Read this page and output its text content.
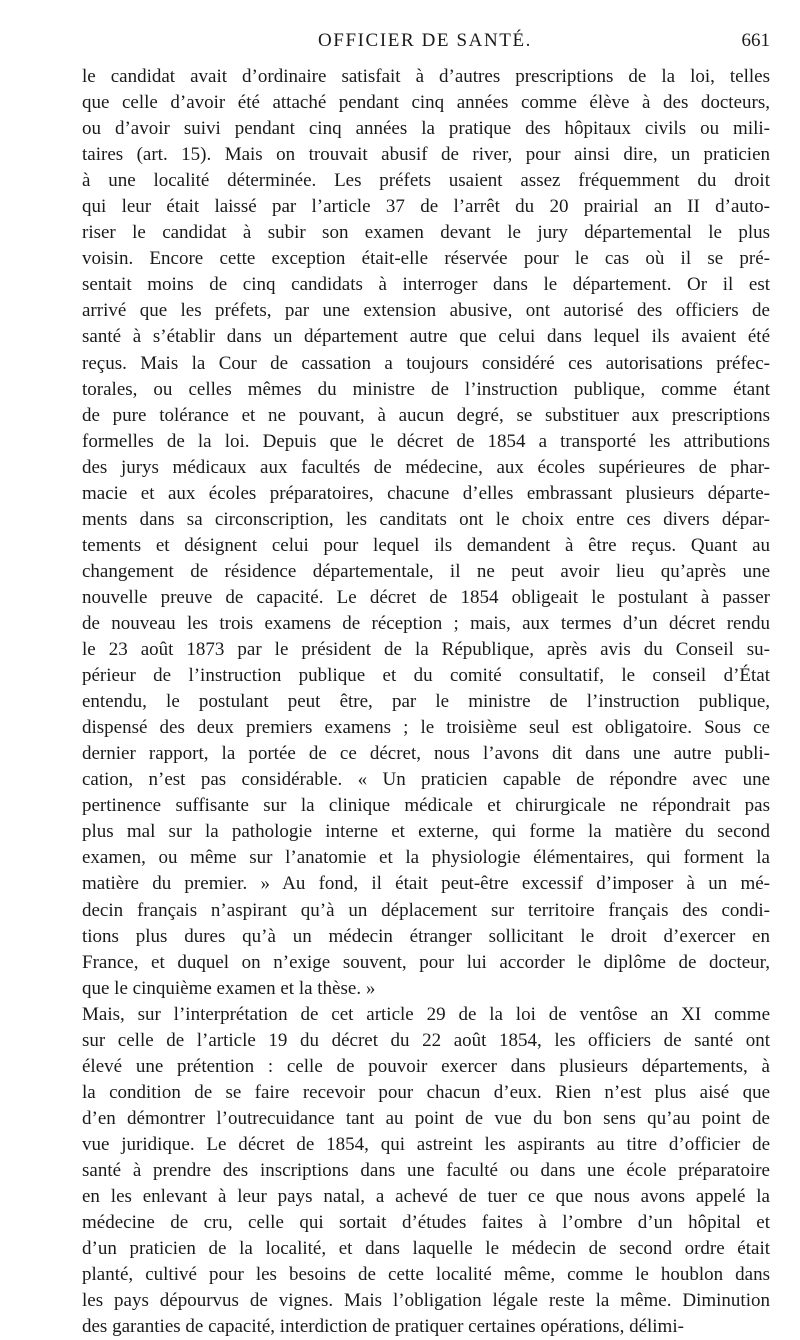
OFFICIER DE SANTÉ.	661
le candidat avait d’ordinaire satisfait à d’autres prescriptions de la loi, telles
que celle d’avoir été attaché pendant cinq années comme élève à des docteurs,
ou d’avoir suivi pendant cinq années la pratique des hôpitaux civils ou mili-
taires (art. 15). Mais on trouvait abusif de river, pour ainsi dire, un praticien
à une localité déterminée. Les préfets usaient assez fréquemment du droit
qui leur était laissé par l’article 37 de l’arrêt du 20 prairial an II d’auto-
riser le candidat à subir son examen devant le jury départemental le plus
voisin. Encore cette exception était-elle réservée pour le cas où il se pré-
sentait moins de cinq candidats à interroger dans le département. Or il est
arrivé que les préfets, par une extension abusive, ont autorisé des officiers de
santé à s’établir dans un département autre que celui dans lequel ils avaient été
reçus. Mais la Cour de cassation a toujours considéré ces autorisations préfec-
torales, ou celles mêmes du ministre de l’instruction publique, comme étant
de pure tolérance et ne pouvant, à aucun degré, se substituer aux prescriptions
formelles de la loi. Depuis que le décret de 1854 a transporté les attributions
des jurys médicaux aux facultés de médecine, aux écoles supérieures de phar-
macie et aux écoles préparatoires, chacune d’elles embrassant plusieurs départe-
ments dans sa circonscription, les canditats ont le choix entre ces divers dépar-
tements et désignent celui pour lequel ils demandent à être reçus. Quant au
changement de résidence départementale, il ne peut avoir lieu qu’après une
nouvelle preuve de capacité. Le décret de 1854 obligeait le postulant à passer
de nouveau les trois examens de réception ; mais, aux termes d’un décret rendu
le 23 août 1873 par le président de la République, après avis du Conseil su-
périeur de l’instruction publique et du comité consultatif, le conseil d’État
entendu, le postulant peut être, par le ministre de l’instruction publique,
dispensé des deux premiers examens ; le troisième seul est obligatoire. Sous ce
dernier rapport, la portée de ce décret, nous l’avons dit dans une autre publi-
cation, n’est pas considérable. « Un praticien capable de répondre avec une
pertinence suffisante sur la clinique médicale et chirurgicale ne répondrait pas
plus mal sur la pathologie interne et externe, qui forme la matière du second
examen, ou même sur l’anatomie et la physiologie élémentaires, qui forment la
matière du premier. » Au fond, il était peut-être excessif d’imposer à un mé-
decin français n’aspirant qu’à un déplacement sur territoire français des condi-
tions plus dures qu’à un médecin étranger sollicitant le droit d’exercer en
France, et duquel on n’exige souvent, pour lui accorder le diplôme de docteur,
que le cinquième examen et la thèse. »
Mais, sur l’interprétation de cet article 29 de la loi de ventôse an XI comme
sur celle de l’article 19 du décret du 22 août 1854, les officiers de santé ont
élevé une prétention : celle de pouvoir exercer dans plusieurs départements, à
la condition de se faire recevoir pour chacun d’eux. Rien n’est plus aisé que
d’en démontrer l’outrecuidance tant au point de vue du bon sens qu’au point de
vue juridique. Le décret de 1854, qui astreint les aspirants au titre d’officier de
santé à prendre des inscriptions dans une faculté ou dans une école préparatoire
en les enlevant à leur pays natal, a achevé de tuer ce que nous avons appelé la
médecine de cru, celle qui sortait d’études faites à l’ombre d’un hôpital et
d’un praticien de la localité, et dans laquelle le médecin de second ordre était
planté, cultivé pour les besoins de cette localité même, comme le houblon dans
les pays dépourvus de vignes. Mais l’obligation légale reste la même. Diminution
des garanties de capacité, interdiction de pratiquer certaines opérations, délimi-
